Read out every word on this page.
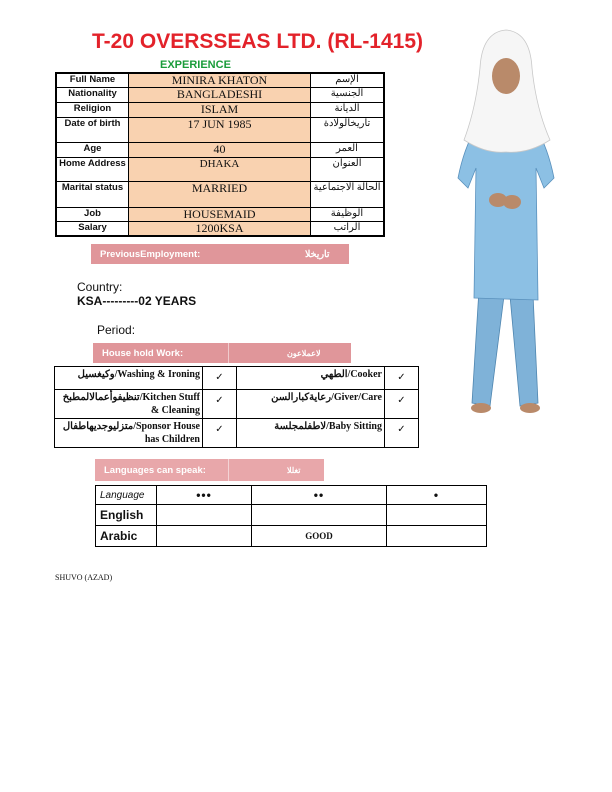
T-20 OVERSSEAS LTD. (RL-1415)
EXPERIENCE
Full Name	MINIRA KHATON	الإسم
Nationality	BANGLADESHI	الجنسية
Religion	ISLAM	الديانة
Date of birth	17 JUN 1985	تاريخالولادة
Age	40	العمر
Home Address	DHAKA	العنوان
Marital status	MARRIED	الحالة الاجتماعية
Job	HOUSEMAID	الوظيفة
Salary	1200KSA	الراتب
PreviousEmployment:	تاريخلا
Country:
KSA---------02 YEARS
Period:
House hold Work:	لاعملاعون
وكيغسيل/Washing & Ironing	✓	الطهي/Cooker	✓
تنظيفوأعمالالمطبخ/Kitchen Stuff & Cleaning	✓	رعايةكبارالسن/Giver/Care	✓
متزليوجديهاطفال/Sponsor House has Children	✓	لاطفلمجلسة/Baby Sitting	✓
Languages can speak:	تغللا
Language	•••	••	•
English			
Arabic		GOOD	
SHUVO (AZAD)
